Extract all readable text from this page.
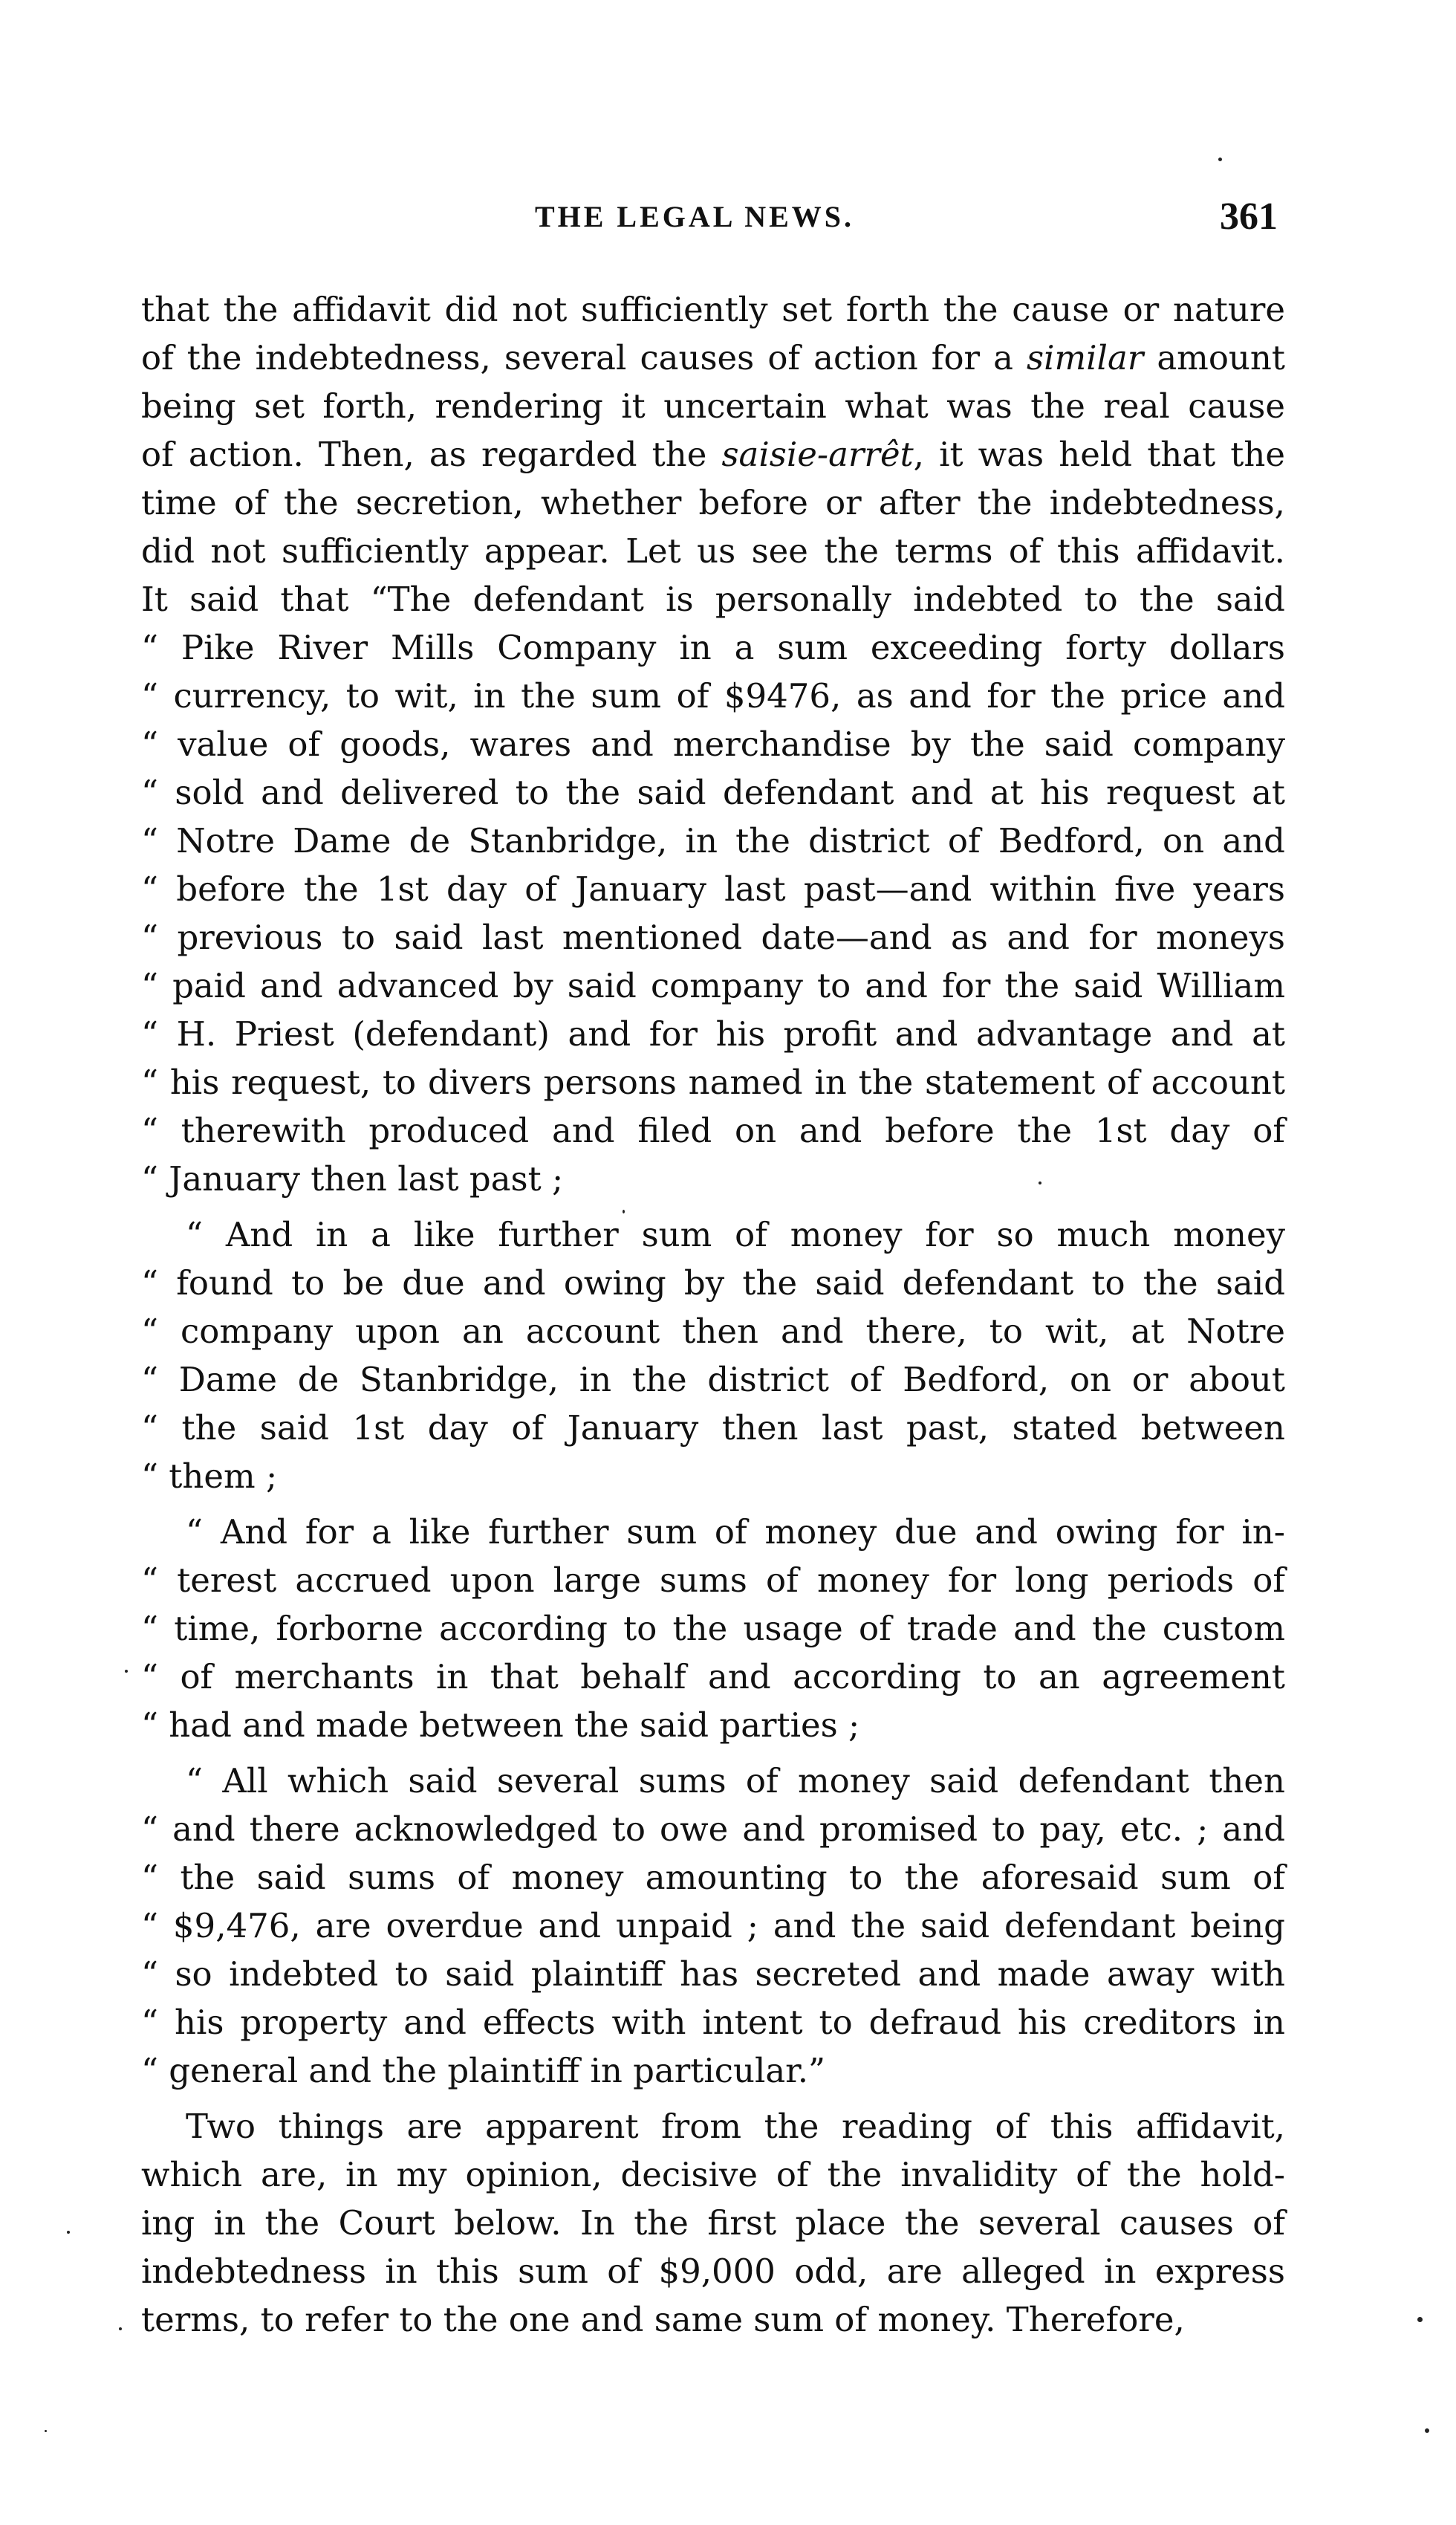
THE LEGAL NEWS.	361
that the affidavit did not sufficiently set forth the cause or nature
of the indebtedness, several causes of action for a similar amount
being set forth, rendering it uncertain what was the real cause
of action. Then, as regarded the saisie-arrêt, it was held that the
time of the secretion, whether before or after the indebtedness,
did not sufficiently appear. Let us see the terms of this affidavit.
It said that “The defendant is personally indebted to the said
“ Pike River Mills Company in a sum exceeding forty dollars
“ currency, to wit, in the sum of $9476, as and for the price and
“ value of goods, wares and merchandise by the said company
“ sold and delivered to the said defendant and at his request at
“ Notre Dame de Stanbridge, in the district of Bedford, on and
“ before the 1st day of January last past—and within five years
“ previous to said last mentioned date—and as and for moneys
“ paid and advanced by said company to and for the said William
“ H. Priest (defendant) and for his profit and advantage and at
“ his request, to divers persons named in the statement of account
“ therewith produced and filed on and before the 1st day of
“ January then last past ;
“ And in a like further sum of money for so much money
“ found to be due and owing by the said defendant to the said
“ company upon an account then and there, to wit, at Notre
“ Dame de Stanbridge, in the district of Bedford, on or about
“ the said 1st day of January then last past, stated between
“ them ;
“ And for a like further sum of money due and owing for in-
“ terest accrued upon large sums of money for long periods of
“ time, forborne according to the usage of trade and the custom
“ of merchants in that behalf and according to an agreement
“ had and made between the said parties ;
“ All which said several sums of money said defendant then
“ and there acknowledged to owe and promised to pay, etc. ; and
“ the said sums of money amounting to the aforesaid sum of
“ $9,476, are overdue and unpaid ; and the said defendant being
“ so indebted to said plaintiff has secreted and made away with
“ his property and effects with intent to defraud his creditors in
“ general and the plaintiff in particular.”
Two things are apparent from the reading of this affidavit,
which are, in my opinion, decisive of the invalidity of the hold-
ing in the Court below. In the first place the several causes of
indebtedness in this sum of $9,000 odd, are alleged in express
terms, to refer to the one and same sum of money. Therefore,
